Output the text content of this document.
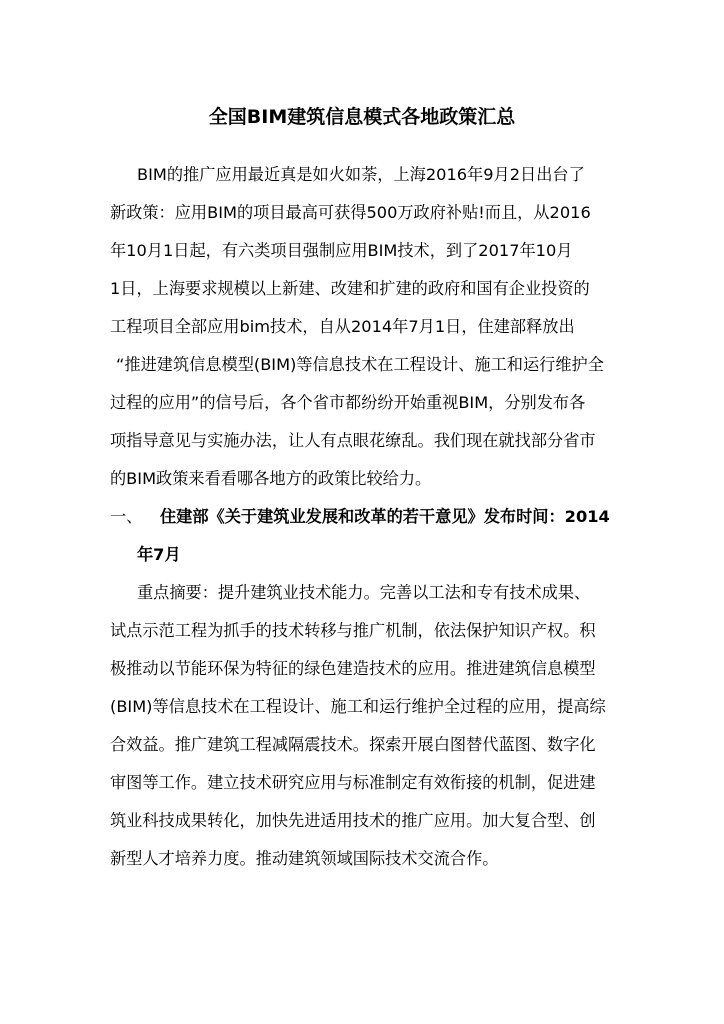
全国BIM建筑信息模式各地政策汇总
BIM的推广应用最近真是如火如荼，上海2016年9月2日出台了
新政策：应用BIM的项目最高可获得500万政府补贴!而且，从2016
年10月1日起，有六类项目强制应用BIM技术，到了2017年10月
1日，上海要求规模以上新建、改建和扩建的政府和国有企业投资的
工程项目全部应用bim技术，自从2014年7月1日，住建部释放出
“推进建筑信息模型(BIM)等信息技术在工程设计、施工和运行维护全
过程的应用”的信号后，各个省市都纷纷开始重视BIM，分别发布各
项指导意见与实施办法，让人有点眼花缭乱。我们现在就找部分省市
的BIM政策来看看哪各地方的政策比较给力。
一、 住建部《关于建筑业发展和改革的若干意见》发布时间：2014
年7月
重点摘要：提升建筑业技术能力。完善以工法和专有技术成果、
试点示范工程为抓手的技术转移与推广机制，依法保护知识产权。积
极推动以节能环保为特征的绿色建造技术的应用。推进建筑信息模型
(BIM)等信息技术在工程设计、施工和运行维护全过程的应用，提高综
合效益。推广建筑工程减隔震技术。探索开展白图替代蓝图、数字化
审图等工作。建立技术研究应用与标准制定有效衔接的机制，促进建
筑业科技成果转化，加快先进适用技术的推广应用。加大复合型、创
新型人才培养力度。推动建筑领域国际技术交流合作。
